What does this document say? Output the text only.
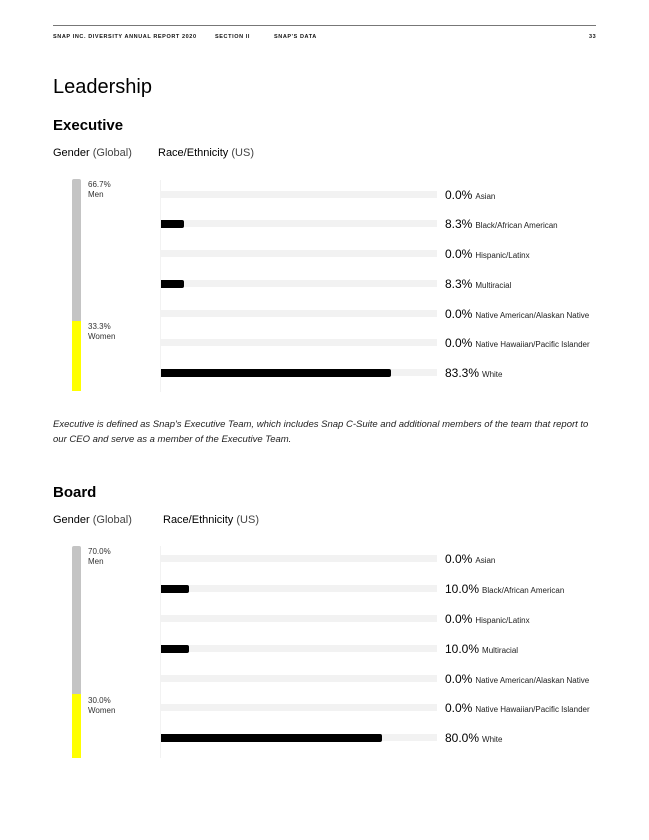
SNAP INC. DIVERSITY ANNUAL REPORT 2020	SECTION II	SNAP'S DATA	33
Leadership
Executive
Gender (Global) Race/Ethnicity (US)
66.7%
Men
33.3%
Women
0.0% Asian
8.3% Black/African American
0.0% Hispanic/Latinx
8.3% Multiracial
0.0% Native American/Alaskan Native
0.0% Native Hawaiian/Pacific Islander
83.3% White
Executive is defined as Snap's Executive Team, which includes Snap C-Suite and additional members of the team that report to our CEO and serve as a member of the Executive Team.
Board
Gender (Global)	Race/Ethnicity (US)
70.0%
Men
30.0%
Women
0.0% Asian
10.0% Black/African American
0.0% Hispanic/Latinx
10.0% Multiracial
0.0% Native American/Alaskan Native
0.0% Native Hawaiian/Pacific Islander
80.0% White
